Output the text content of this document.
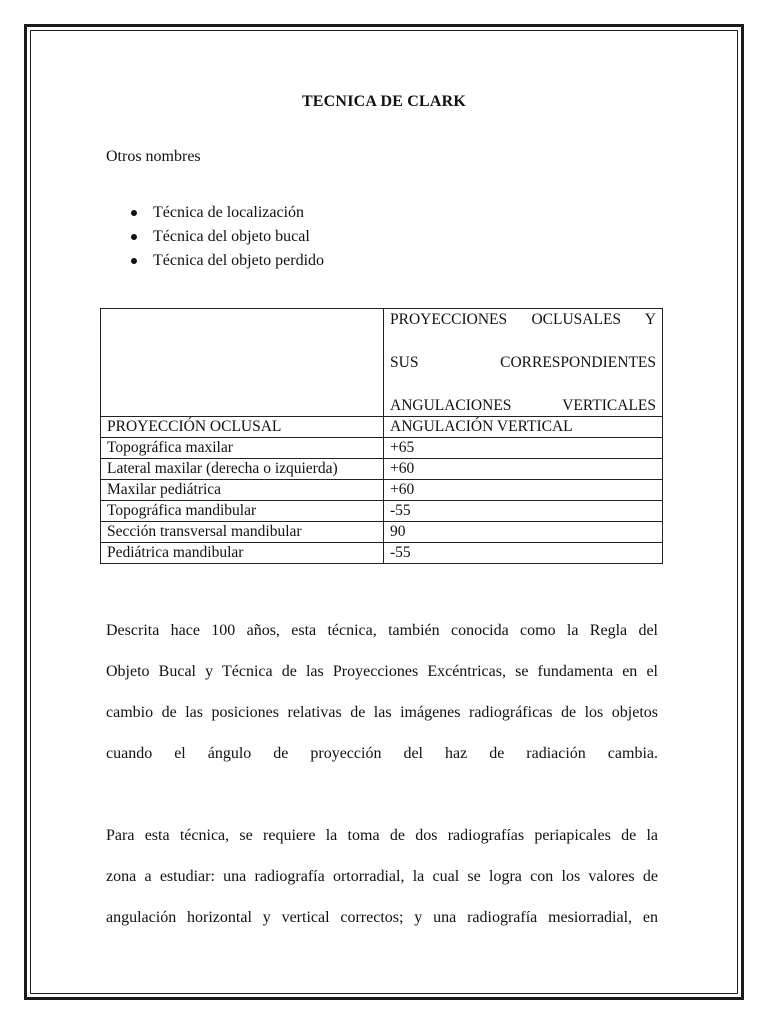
TECNICA DE CLARK
Otros nombres
Técnica de localización
Técnica del objeto bucal
Técnica del objeto perdido

	PROYECCIONES OCLUSALES Y
SUS CORRESPONDIENTES
ANGULACIONES VERTICALES

PROYECCIÓN OCLUSAL	ANGULACIÓN VERTICAL
Topográfica maxilar	+65
Lateral maxilar (derecha o izquierda)	+60
Maxilar pediátrica	+60
Topográfica mandibular	-55
Sección transversal mandibular	90
Pediátrica mandibular	-55
Descrita hace 100 años, esta técnica, también conocida como la Regla del
Objeto Bucal y Técnica de las Proyecciones Excéntricas, se fundamenta en el
cambio de las posiciones relativas de las imágenes radiográficas de los objetos
cuando el ángulo de proyección del haz de radiación cambia.
Para esta técnica, se requiere la toma de dos radiografías periapicales de la
zona a estudiar: una radiografía ortorradial, la cual se logra con los valores de
angulación horizontal y vertical correctos; y una radiografía mesiorradial, en
